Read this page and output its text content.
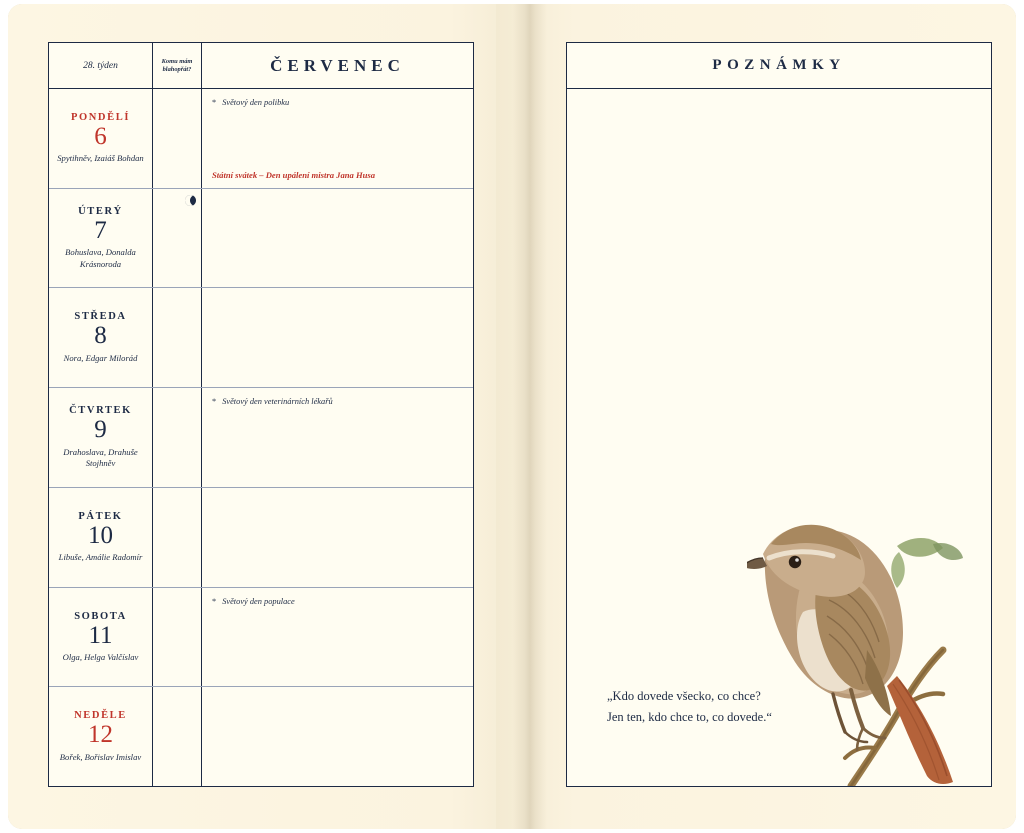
28. týden	Komu mám blahopřát?	ČERVENEC
PONDĚLÍ
6
Spytihněv, Izaiáš Bohdan
* Světový den polibku
Státní svátek – Den upálení mistra Jana Husa
ÚTERÝ
7
Bohuslava, Donalda Krásnoroda
STŘEDA
8
Nora, Edgar Milorád
ČTVRTEK
9
Drahoslava, Drahuše Stojhněv
* Světový den veterinárních lékařů
PÁTEK
10
Libuše, Amálie Radomír
SOBOTA
11
Olga, Helga Valčíslav
* Světový den populace
NEDĚLE
12
Bořek, Bořislav Imislav
POZNÁMKY
„Kdo dovede všecko, co chce?
Jen ten, kdo chce to, co dovede.“
